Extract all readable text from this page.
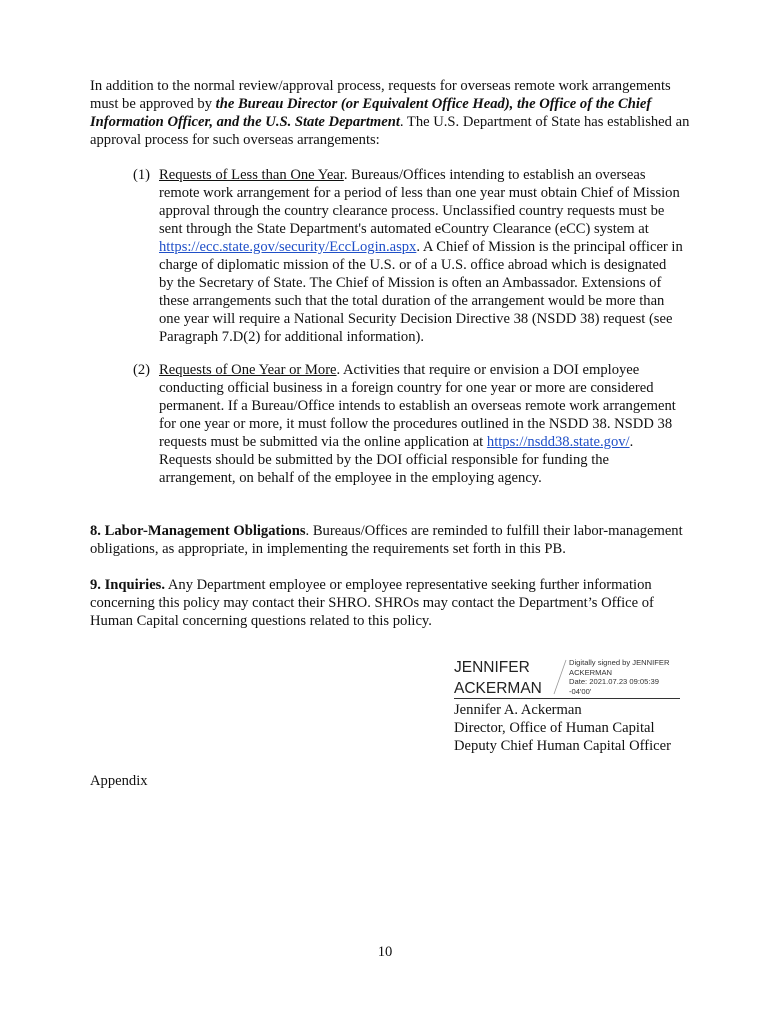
In addition to the normal review/approval process, requests for overseas remote work arrangements must be approved by the Bureau Director (or Equivalent Office Head), the Office of the Chief Information Officer, and the U.S. State Department. The U.S. Department of State has established an approval process for such overseas arrangements:

(1) Requests of Less than One Year. Bureaus/Offices intending to establish an overseas remote work arrangement for a period of less than one year must obtain Chief of Mission approval through the country clearance process. Unclassified country requests must be sent through the State Department's automated eCountry Clearance (eCC) system at https://ecc.state.gov/security/EccLogin.aspx. A Chief of Mission is the principal officer in charge of diplomatic mission of the U.S. or of a U.S. office abroad which is designated by the Secretary of State. The Chief of Mission is often an Ambassador. Extensions of these arrangements such that the total duration of the arrangement would be more than one year will require a National Security Decision Directive 38 (NSDD 38) request (see Paragraph 7.D(2) for additional information).

(2) Requests of One Year or More. Activities that require or envision a DOI employee conducting official business in a foreign country for one year or more are considered permanent. If a Bureau/Office intends to establish an overseas remote work arrangement for one year or more, it must follow the procedures outlined in the NSDD 38. NSDD 38 requests must be submitted via the online application at https://nsdd38.state.gov/. Requests should be submitted by the DOI official responsible for funding the arrangement, on behalf of the employee in the employing agency.

8. Labor-Management Obligations. Bureaus/Offices are reminded to fulfill their labor-management obligations, as appropriate, in implementing the requirements set forth in this PB.

9. Inquiries. Any Department employee or employee representative seeking further information concerning this policy may contact their SHRO. SHROs may contact the Department’s Office of Human Capital concerning questions related to this policy.

JENNIFER
ACKERMAN
Digitally signed by JENNIFER
ACKERMAN
Date: 2021.07.23 09:05:39
-04'00'

Jennifer A. Ackerman

Director, Office of Human Capital

Deputy Chief Human Capital Officer

Appendix

10
